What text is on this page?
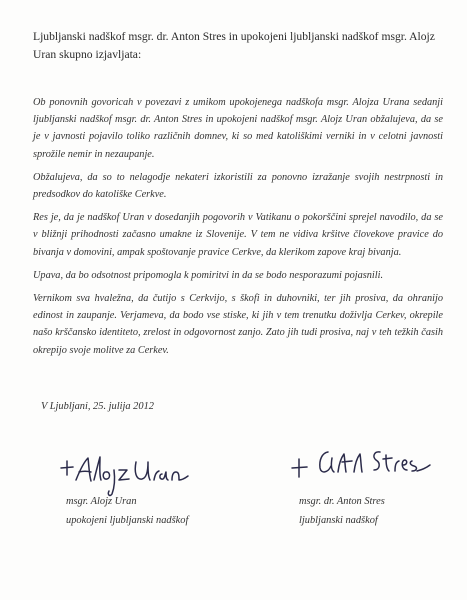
Ljubljanski nadškof msgr. dr. Anton Stres in upokojeni ljubljanski nadškof msgr. Alojz Uran skupno izjavljata:

Ob ponovnih govoricah v povezavi z umikom upokojenega nadškofa msgr. Alojza Urana sedanji ljubljanski nadškof msgr. dr. Anton Stres in upokojeni nadškof msgr. Alojz Uran obžalujeva, da se je v javnosti pojavilo toliko različnih domnev, ki so med katoliškimi verniki in v celotni javnosti sprožile nemir in nezaupanje.

Obžalujeva, da so to nelagodje nekateri izkoristili za ponovno izražanje svojih nestrpnosti in predsodkov do katoliške Cerkve.

Res je, da je nadškof Uran v dosedanjih pogovorih v Vatikanu o pokorščini sprejel navodilo, da se v bližnji prihodnosti začasno umakne iz Slovenije. V tem ne vidiva kršitve človekove pravice do bivanja v domovini, ampak spoštovanje pravice Cerkve, da klerikom zapove kraj bivanja.

Upava, da bo odsotnost pripomogla k pomiritvi in da se bodo nesporazumi pojasnili.

Vernikom sva hvaležna, da čutijo s Cerkvijo, s škofi in duhovniki, ter jih prosiva, da ohranijo edinost in zaupanje. Verjameva, da bodo vse stiske, ki jih v tem trenutku doživlja Cerkev, okrepile našo krščansko identiteto, zrelost in odgovornost zanjo. Zato jih tudi prosiva, naj v teh težkih časih okrepijo svoje molitve za Cerkev.

V Ljubljani, 25. julija 2012
msgr. Alojz Uran
upokojeni ljubljanski nadškof
msgr. dr. Anton Stres
ljubljanski nadškof
